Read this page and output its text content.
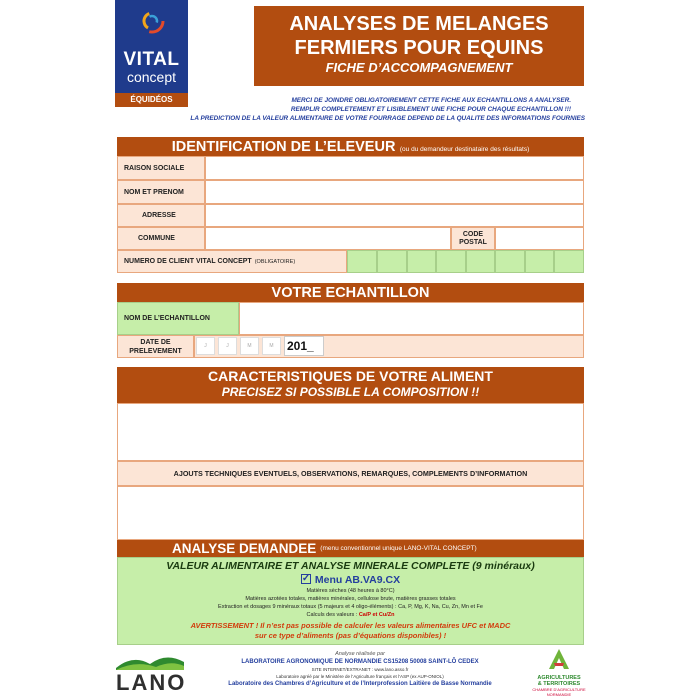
VITAL
concept
ÉQUIDÉOS
ANALYSES DE MELANGES
FERMIERS POUR EQUINS
FICHE D’ACCOMPAGNEMENT
MERCI DE JOINDRE OBLIGATOIREMENT CETTE FICHE AUX ECHANTILLONS A ANALYSER.
REMPLIR COMPLETEMENT ET LISIBLEMENT UNE FICHE POUR CHAQUE ECHANTILLON !!!
LA PREDICTION DE LA VALEUR ALIMENTAIRE DE VOTRE FOURRAGE DEPEND DE LA QUALITE DES INFORMATIONS FOURNIES
IDENTIFICATION DE L’ELEVEUR (ou du demandeur destinataire des résultats)
RAISON SOCIALE
NOM ET PRENOM
ADRESSE
COMMUNE
CODE POSTAL
NUMERO DE CLIENT VITAL CONCEPT (OBLIGATOIRE)
VOTRE ECHANTILLON
NOM DE L’ECHANTILLON
DATE DE PRELEVEMENT
J	J	M	M	201_
CARACTERISTIQUES DE VOTRE ALIMENT
PRECISEZ SI POSSIBLE LA COMPOSITION !!
AJOUTS TECHNIQUES EVENTUELS, OBSERVATIONS, REMARQUES, COMPLEMENTS D’INFORMATION
ANALYSE DEMANDEE (menu conventionnel unique LANO-VITAL CONCEPT)
VALEUR ALIMENTAIRE ET ANALYSE MINERALE COMPLETE (9 minéraux)
✓Menu AB.VA9.CX
Matières sèches (48 heures à 80°C)
Matières azotées totales, matières minérales, cellulose brute, matières grasses totales
Extraction et dosages 9 minéraux totaux (5 majeurs et 4 oligo-éléments) : Ca, P, Mg, K, Na, Cu, Zn, Mn et Fe
Calculs des valeurs : Ca/P et Cu/Zn
AVERTISSEMENT ! Il n’est pas possible de calculer les valeurs alimentaires UFC et MADC
sur ce type d’aliments (pas d’équations disponibles) !
LANO
Analyse réalisée par
LABORATOIRE AGRONOMIQUE DE NORMANDIE CS15208 50008 SAINT-LÔ CEDEX
SITE INTERNET/EXTRANET : www.lano.asso.fr
Laboratoire agréé par le Ministère de l’Agriculture français et l’ASP (ex AUP-ONIOL)
Laboratoire des Chambres d’Agriculture et de l’Interprofession Laitière de Basse Normandie
AGRICULTURES
& TERRITOIRES
CHAMBRE D’AGRICULTURE NORMANDIE
